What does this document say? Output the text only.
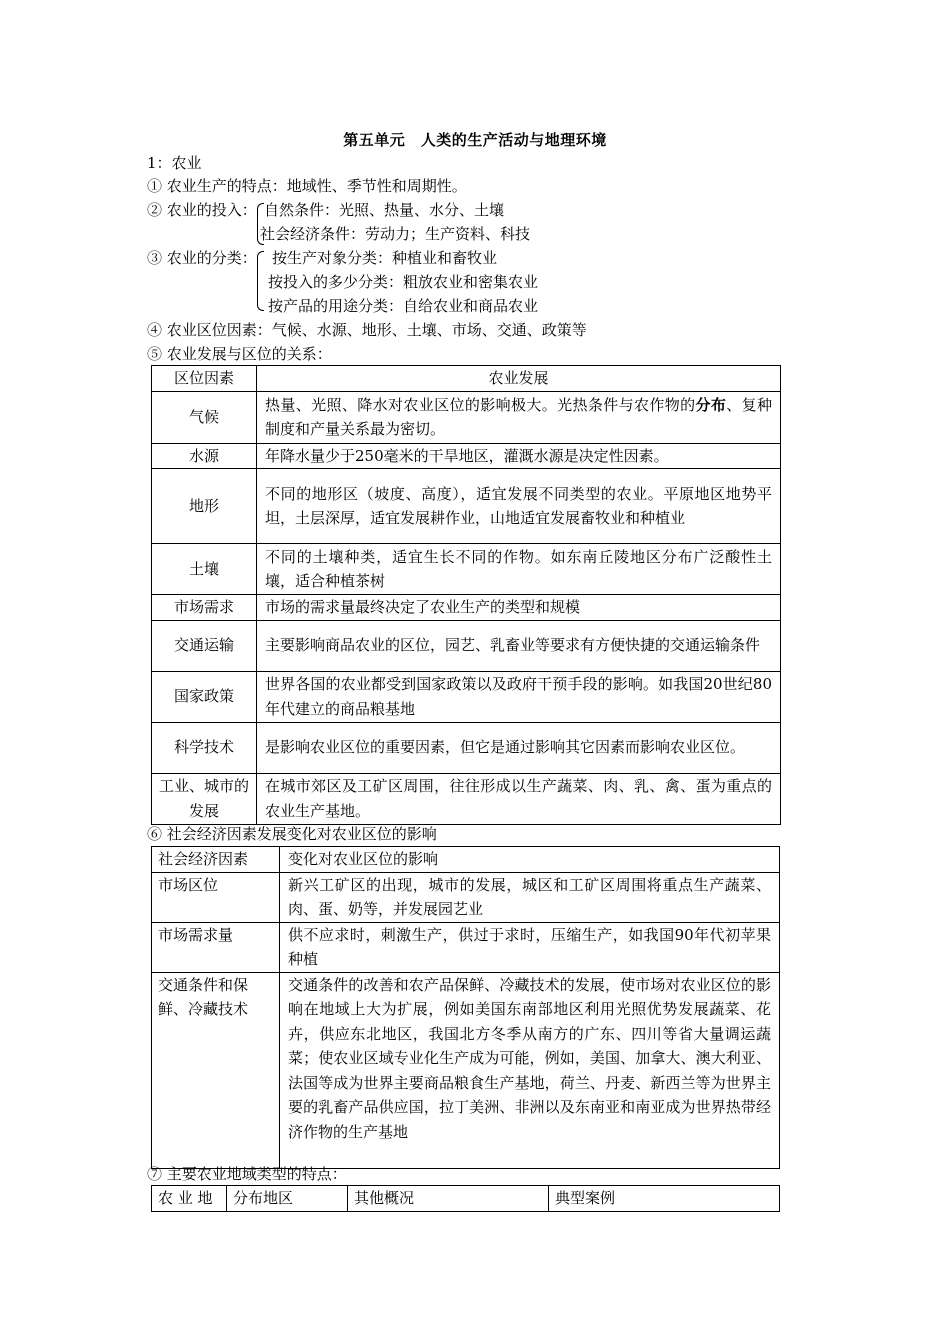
第五单元　人类的生产活动与地理环境
1：农业
① 农业生产的特点：地域性、季节性和周期性。
② 农业的投入： 自然条件：光照、热量、水分、土壤
社会经济条件：劳动力；生产资料、科技
③ 农业的分类： 按生产对象分类：种植业和畜牧业
按投入的多少分类：粗放农业和密集农业
按产品的用途分类：自给农业和商品农业
④ 农业区位因素：气候、水源、地形、土壤、市场、交通、政策等
⑤ 农业发展与区位的关系：
区位因素	农业发展
气候	热量、光照、降水对农业区位的影响极大。光热条件与农作物的分布、复种制度和产量关系最为密切。
水源	年降水量少于250毫米的干旱地区，灌溉水源是决定性因素。
地形	不同的地形区（坡度、高度），适宜发展不同类型的农业。平原地区地势平坦，土层深厚，适宜发展耕作业，山地适宜发展畜牧业和种植业
土壤	不同的土壤种类，适宜生长不同的作物。如东南丘陵地区分布广泛酸性土壤，适合种植茶树
市场需求	市场的需求量最终决定了农业生产的类型和规模
交通运输	主要影响商品农业的区位，园艺、乳畜业等要求有方便快捷的交通运输条件
国家政策	世界各国的农业都受到国家政策以及政府干预手段的影响。如我国20世纪80年代建立的商品粮基地
科学技术	是影响农业区位的重要因素，但它是通过影响其它因素而影响农业区位。
工业、城市的发展	在城市郊区及工矿区周围，往往形成以生产蔬菜、肉、乳、禽、蛋为重点的农业生产基地。
⑥ 社会经济因素发展变化对农业区位的影响
社会经济因素	变化对农业区位的影响
市场区位	新兴工矿区的出现，城市的发展，城区和工矿区周围将重点生产蔬菜、肉、蛋、奶等，并发展园艺业
市场需求量	供不应求时，刺激生产，供过于求时，压缩生产，如我国90年代初苹果种植
交通条件和保鲜、冷藏技术	交通条件的改善和农产品保鲜、冷藏技术的发展，使市场对农业区位的影响在地域上大为扩展，例如美国东南部地区利用光照优势发展蔬菜、花卉，供应东北地区，我国北方冬季从南方的广东、四川等省大量调运蔬菜；使农业区域专业化生产成为可能，例如，美国、加拿大、澳大利亚、法国等成为世界主要商品粮食生产基地，荷兰、丹麦、新西兰等为世界主要的乳畜产品供应国，拉丁美洲、非洲以及东南亚和南亚成为世界热带经济作物的生产基地
⑦ 主要农业地域类型的特点：
农 业 地	分布地区	其他概况	典型案例
